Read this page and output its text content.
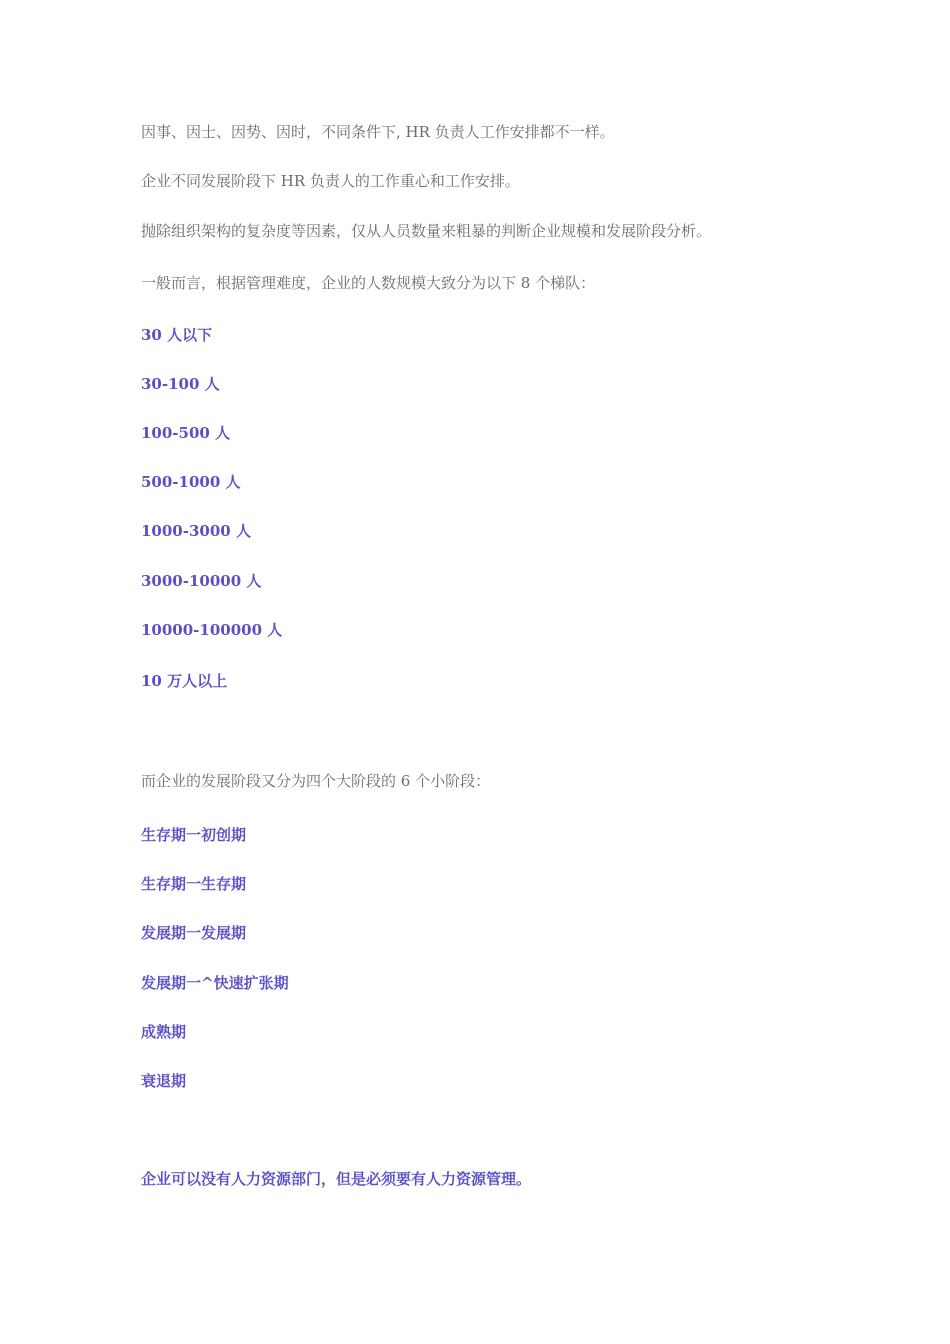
因事、因士、因势、因时，不同条件下, HR 负责人工作安排都不一样。
企业不同发展阶段下 HR 负责人的工作重心和工作安排。
抛除组织架构的复杂度等因素，仅从人员数量来粗暴的判断企业规模和发展阶段分析。
一般而言，根据管理难度，企业的人数规模大致分为以下 8 个梯队：
30 人以下
30-100 人
100-500 人
500-1000 人
1000-3000 人
3000-10000 人
10000-100000 人
10 万人以上
而企业的发展阶段又分为四个大阶段的 6 个小阶段：
生存期一初创期
生存期一生存期
发展期一发展期
发展期一^快速扩张期
成熟期
衰退期
企业可以没有人力资源部门，但是必须要有人力资源管理。
